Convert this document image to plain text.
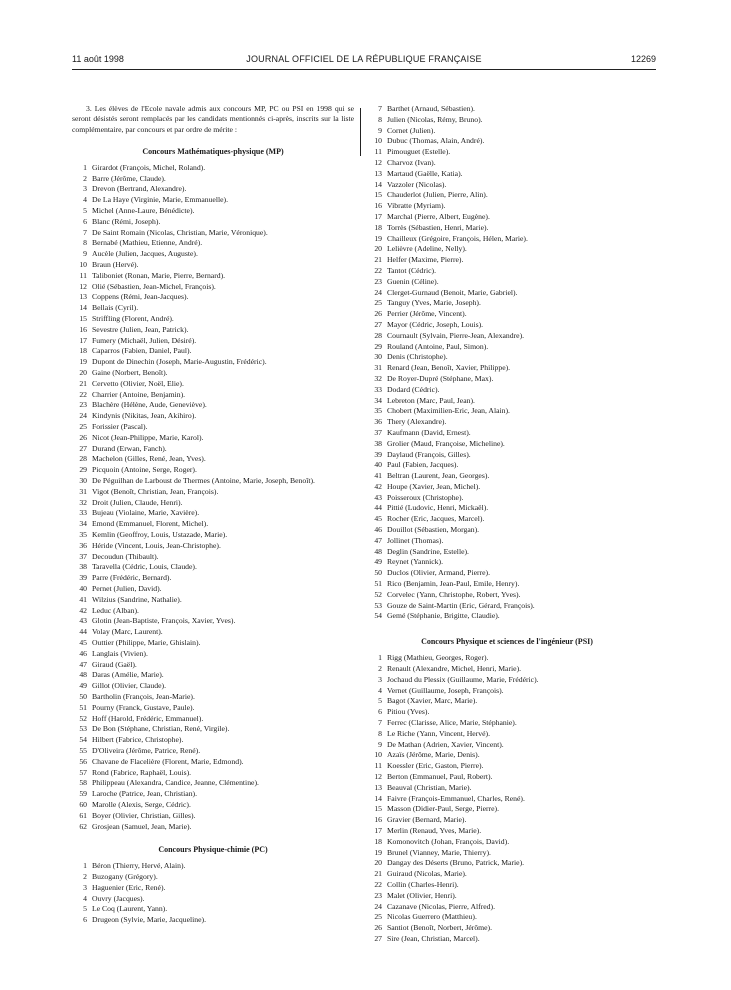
11 août 1998	JOURNAL OFFICIEL DE LA RÉPUBLIQUE FRANÇAISE	12269

3. Les élèves de l'Ecole navale admis aux concours MP, PC ou PSI en 1998 qui se seront désistés seront remplacés par les candidats mentionnés ci-après, inscrits sur la liste complémentaire, par concours et par ordre de mérite :

Concours Mathématiques-physique (MP)

1 Girardot (François, Michel, Roland).
2 Barre (Jérôme, Claude).
3 Drevon (Bertrand, Alexandre).
4 De La Haye (Virginie, Marie, Emmanuelle).
5 Michel (Anne-Laure, Bénédicte).
6 Blanc (Rémi, Joseph).
7 De Saint Romain (Nicolas, Christian, Marie, Véronique).
8 Bernabé (Mathieu, Etienne, André).
9 Aucèle (Julien, Jacques, Auguste).
10 Braun (Hervé).
11 Taliboniet (Ronan, Marie, Pierre, Bernard).
12 Olié (Sébastien, Jean-Michel, François).
13 Coppens (Rémi, Jean-Jacques).
14 Bellais (Cyril).
15 Striffling (Florent, André).
16 Sevestre (Julien, Jean, Patrick).
17 Fumery (Michaël, Julien, Désiré).
18 Caparros (Fabien, Daniel, Paul).
19 Dupont de Dinechin (Joseph, Marie-Augustin, Frédéric).
20 Gaine (Norbert, Benoît).
21 Cervetto (Olivier, Noël, Elie).
22 Charrier (Antoine, Benjamin).
23 Blachère (Hélène, Aude, Geneviève).
24 Kindynis (Nikitas, Jean, Akihiro).
25 Forissier (Pascal).
26 Nicot (Jean-Philippe, Marie, Karol).
27 Durand (Erwan, Fanch).
28 Machelon (Gilles, René, Jean, Yves).
29 Picquoin (Antoine, Serge, Roger).
30 De Péguilhan de Larboust de Thermes (Antoine, Marie, Joseph, Benoît).
31 Vigot (Benoît, Christian, Jean, François).
32 Droit (Julien, Claude, Henri).
33 Bujeau (Violaine, Marie, Xavière).
34 Emond (Emmanuel, Florent, Michel).
35 Kemlin (Geoffroy, Louis, Ustazade, Marie).
36 Héride (Vincent, Louis, Jean-Christophe).
37 Decoudun (Thibault).
38 Taravella (Cédric, Louis, Claude).
39 Parre (Frédéric, Bernard).
40 Pernet (Julien, David).
41 Wilzius (Sandrine, Nathalie).
42 Leduc (Alban).
43 Glotin (Jean-Baptiste, François, Xavier, Yves).
44 Volay (Marc, Laurent).
45 Outtier (Philippe, Marie, Ghislain).
46 Langlais (Vivien).
47 Giraud (Gaël).
48 Daras (Amélie, Marie).
49 Gillot (Olivier, Claude).
50 Bartholin (François, Jean-Marie).
51 Pourny (Franck, Gustave, Paule).
52 Hoff (Harold, Frédéric, Emmanuel).
53 De Bon (Stéphane, Christian, René, Virgile).
54 Hilbert (Fabrice, Christophe).
55 D'Oliveira (Jérôme, Patrice, René).
56 Chavane de Flacelière (Florent, Marie, Edmond).
57 Rond (Fabrice, Raphaël, Louis).
58 Philippeau (Alexandra, Candice, Jeanne, Clémentine).
59 Laroche (Patrice, Jean, Christian).
60 Marolle (Alexis, Serge, Cédric).
61 Boyer (Olivier, Christian, Gilles).
62 Grosjean (Samuel, Jean, Marie).

Concours Physique-chimie (PC)

1 Béron (Thierry, Hervé, Alain).
2 Buzogany (Grégory).
3 Haguenier (Eric, René).
4 Ouvry (Jacques).
5 Le Coq (Laurent, Yann).
6 Drugeon (Sylvie, Marie, Jacqueline).
7 Barthet (Arnaud, Sébastien).
8 Julien (Nicolas, Rémy, Bruno).
9 Cornet (Julien).
10 Dubuc (Thomas, Alain, André).
11 Pimouguet (Estelle).
12 Charvoz (Ivan).
13 Martaud (Gaëlle, Katia).
14 Vazzoler (Nicolas).
15 Chauderlot (Julien, Pierre, Alin).
16 Vibratte (Myriam).
17 Marchal (Pierre, Albert, Eugène).
18 Torrès (Sébastien, Henri, Marie).
19 Chailleux (Grégoire, François, Hélen, Marie).
20 Lelièvre (Adeline, Nelly).
21 Helfer (Maxime, Pierre).
22 Tantot (Cédric).
23 Guenin (Céline).
24 Clerget-Gurnaud (Benoit, Marie, Gabriel).
25 Tanguy (Yves, Marie, Joseph).
26 Perrier (Jérôme, Vincent).
27 Mayor (Cédric, Joseph, Louis).
28 Cournault (Sylvain, Pierre-Jean, Alexandre).
29 Rouland (Antoine, Paul, Simon).
30 Denis (Christophe).
31 Renard (Jean, Benoît, Xavier, Philippe).
32 De Royer-Dupré (Stéphane, Max).
33 Dodard (Cédric).
34 Lebreton (Marc, Paul, Jean).
35 Chobert (Maximilien-Eric, Jean, Alain).
36 Thery (Alexandre).
37 Kaufmann (David, Ernest).
38 Grolier (Maud, Françoise, Micheline).
39 Daylaud (François, Gilles).
40 Paul (Fabien, Jacques).
41 Beltran (Laurent, Jean, Georges).
42 Houpe (Xavier, Jean, Michel).
43 Poisseroux (Christophe).
44 Pittié (Ludovic, Henri, Mickaël).
45 Rocher (Eric, Jacques, Marcel).
46 Douillot (Sébastien, Morgan).
47 Jollinet (Thomas).
48 Deglin (Sandrine, Estelle).
49 Reynet (Yannick).
50 Duclos (Olivier, Armand, Pierre).
51 Rico (Benjamin, Jean-Paul, Emile, Henry).
52 Corvelec (Yann, Christophe, Robert, Yves).
53 Gouze de Saint-Martin (Eric, Gérard, François).
54 Gemé (Stéphanie, Brigitte, Claudie).

Concours Physique et sciences de l'ingénieur (PSI)

1 Rigg (Mathieu, Georges, Roger).
2 Renault (Alexandre, Michel, Henri, Marie).
3 Jochaud du Plessix (Guillaume, Marie, Frédéric).
4 Vernet (Guillaume, Joseph, François).
5 Bagot (Xavier, Marc, Marie).
6 Pitiou (Yves).
7 Ferrec (Clarisse, Alice, Marie, Stéphanie).
8 Le Riche (Yann, Vincent, Hervé).
9 De Mathan (Adrien, Xavier, Vincent).
10 Azaïs (Jérôme, Marie, Denis).
11 Koessler (Eric, Gaston, Pierre).
12 Berton (Emmanuel, Paul, Robert).
13 Beauval (Christian, Marie).
14 Faivre (François-Emmanuel, Charles, René).
15 Masson (Didier-Paul, Serge, Pierre).
16 Gravier (Bernard, Marie).
17 Merlin (Renaud, Yves, Marie).
18 Komonovitch (Johan, François, David).
19 Brunel (Vianney, Marie, Thierry).
20 Dangay des Déserts (Bruno, Patrick, Marie).
21 Guiraud (Nicolas, Marie).
22 Collin (Charles-Henri).
23 Malet (Olivier, Henri).
24 Cazanave (Nicolas, Pierre, Alfred).
25 Nicolas Guerrero (Matthieu).
26 Santiot (Benoît, Norbert, Jérôme).
27 Sire (Jean, Christian, Marcel).
